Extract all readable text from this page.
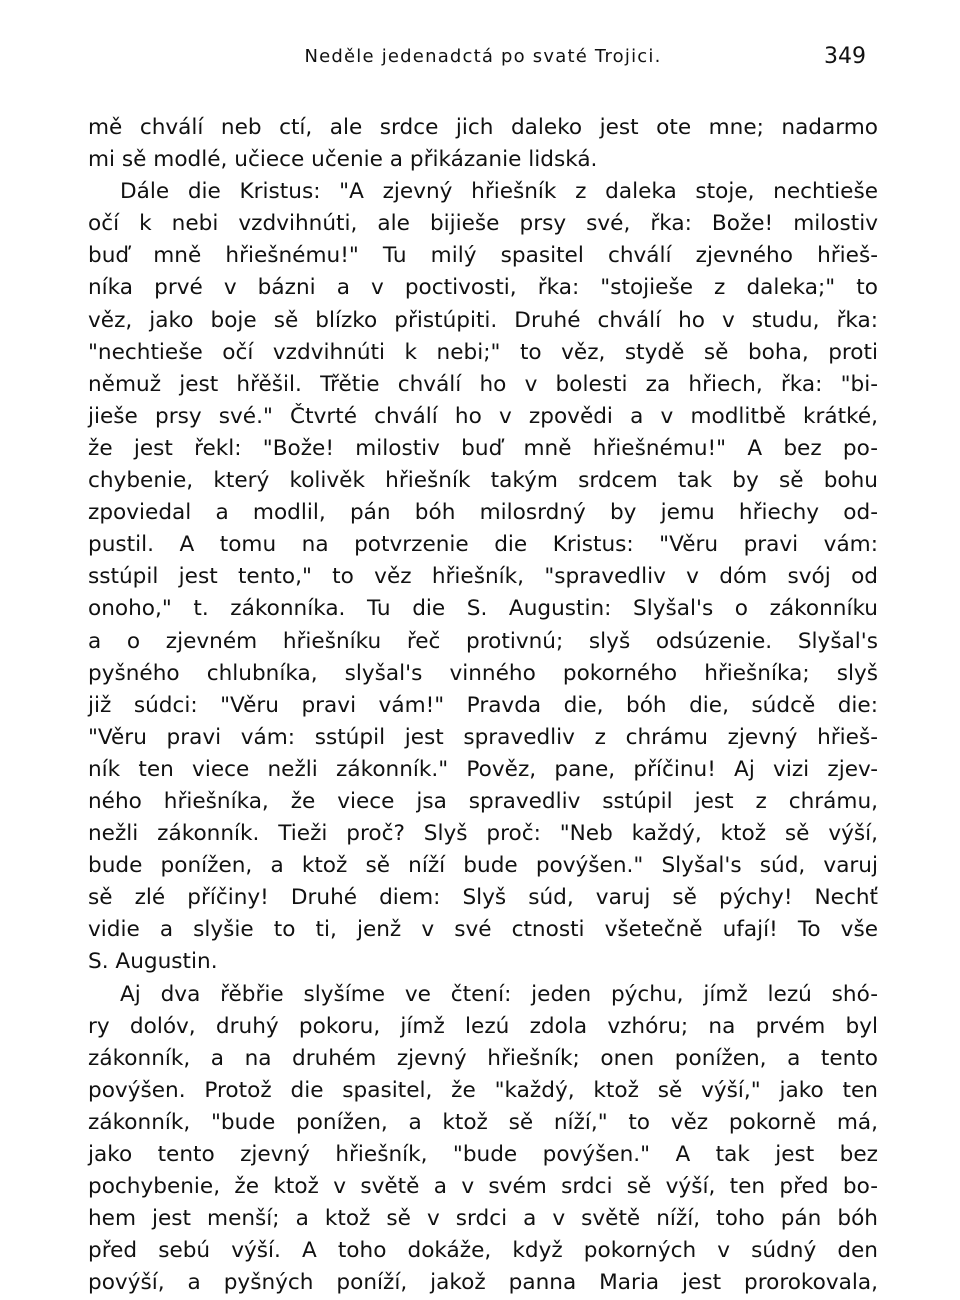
Neděle jedenadctá po svaté Trojici.	349
mě chválí neb ctí, ale srdce jich daleko jest ote mne; nadarmo
mi sě modlé, učiece učenie a přikázanie lidská.
Dále die Kristus: "A zjevný hřiešník z daleka stoje, nechtieše
očí k nebi vzdvihnúti, ale bijieše prsy své, řka: Bože! milostiv
buď mně hřiešnému!" Tu milý spasitel chválí zjevného hřieš-
níka prvé v bázni a v poctivosti, řka: "stojieše z daleka;" to
věz, jako boje sě blízko přistúpiti. Druhé chválí ho v studu, řka:
"nechtieše očí vzdvihnúti k nebi;" to věz, stydě sě boha, proti
němuž jest hřěšil. Třětie chválí ho v bolesti za hřiech, řka: "bi-
jieše prsy své." Čtvrté chválí ho v zpovědi a v modlitbě krátké,
že jest řekl: "Bože! milostiv buď mně hřiešnému!" A bez po-
chybenie, který kolivěk hřiešník takým srdcem tak by sě bohu
zpoviedal a modlil, pán bóh milosrdný by jemu hřiechy od-
pustil. A tomu na potvrzenie die Kristus: "Věru pravi vám:
sstúpil jest tento," to věz hřiešník, "spravedliv v dóm svój od
onoho," t. zákonníka. Tu die S. Augustin: Slyšal's o zákonníku
a o zjevném hřiešníku řeč protivnú; slyš odsúzenie. Slyšal's
pyšného chlubníka, slyšal's vinného pokorného hřiešníka; slyš
již súdci: "Věru pravi vám!" Pravda die, bóh die, súdcě die:
"Věru pravi vám: sstúpil jest spravedliv z chrámu zjevný hřieš-
ník ten viece nežli zákonník." Pověz, pane, příčinu! Aj vizi zjev-
ného hřiešníka, že viece jsa spravedliv sstúpil jest z chrámu,
nežli zákonník. Tieži proč? Slyš proč: "Neb každý, ktož sě výší,
bude ponížen, a ktož sě níží bude povýšen." Slyšal's súd, varuj
sě zlé příčiny! Druhé diem: Slyš súd, varuj sě pýchy! Nechť
vidie a slyšie to ti, jenž v své ctnosti všetečně ufají! To vše
S. Augustin.
Aj dva řěbřie slyšíme ve čtení: jeden pýchu, jímž lezú shó-
ry dolóv, druhý pokoru, jímž lezú zdola vzhóru; na prvém byl
zákonník, a na druhém zjevný hřiešník; onen ponížen, a tento
povýšen. Protož die spasitel, že "každý, ktož sě výší," jako ten
zákonník, "bude ponížen, a ktož sě níží," to věz pokorně má,
jako tento zjevný hřiešník, "bude povýšen." A tak jest bez
pochybenie, že ktož v světě a v svém srdci sě výší, ten před bo-
hem jest menší; a ktož sě v srdci a v světě níží, toho pán bóh
před sebú výší. A toho dokáže, když pokorných v súdný den
povýší, a pyšných poníží, jakož panna Maria jest prorokovala,
